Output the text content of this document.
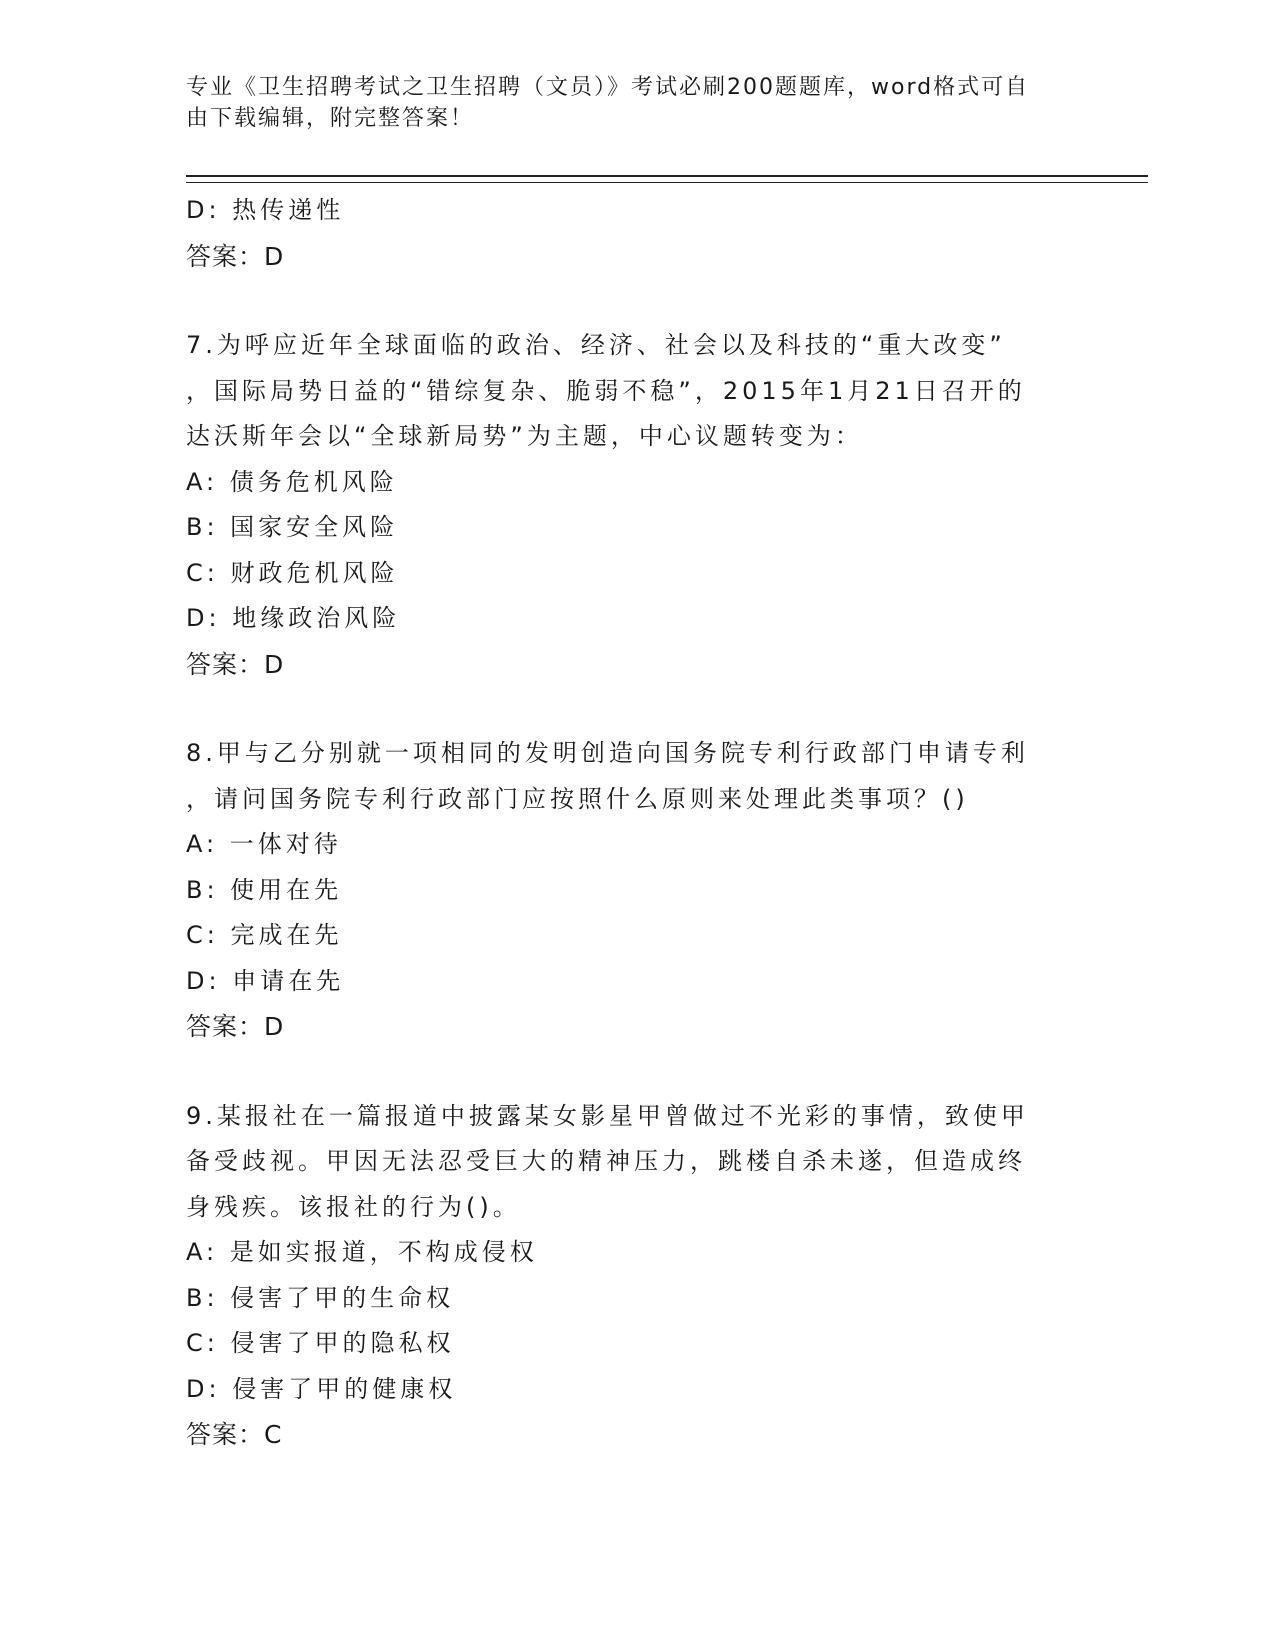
专业《卫生招聘考试之卫生招聘（文员）》考试必刷200题题库，word格式可自
由下载编辑，附完整答案！

D: 热传递性

答案：D

7.为呼应近年全球面临的政治、经济、社会以及科技的“重大改变”

，国际局势日益的“错综复杂、脆弱不稳”，2015年1月21日召开的

达沃斯年会以“全球新局势”为主题，中心议题转变为：

A: 债务危机风险

B: 国家安全风险

C: 财政危机风险

D: 地缘政治风险

答案：D

8.甲与乙分别就一项相同的发明创造向国务院专利行政部门申请专利

，请问国务院专利行政部门应按照什么原则来处理此类事项？()

A: 一体对待

B: 使用在先

C: 完成在先

D: 申请在先

答案：D

9.某报社在一篇报道中披露某女影星甲曾做过不光彩的事情，致使甲

备受歧视。甲因无法忍受巨大的精神压力，跳楼自杀未遂，但造成终

身残疾。该报社的行为()。

A: 是如实报道，不构成侵权

B: 侵害了甲的生命权

C: 侵害了甲的隐私权

D: 侵害了甲的健康权

答案：C
